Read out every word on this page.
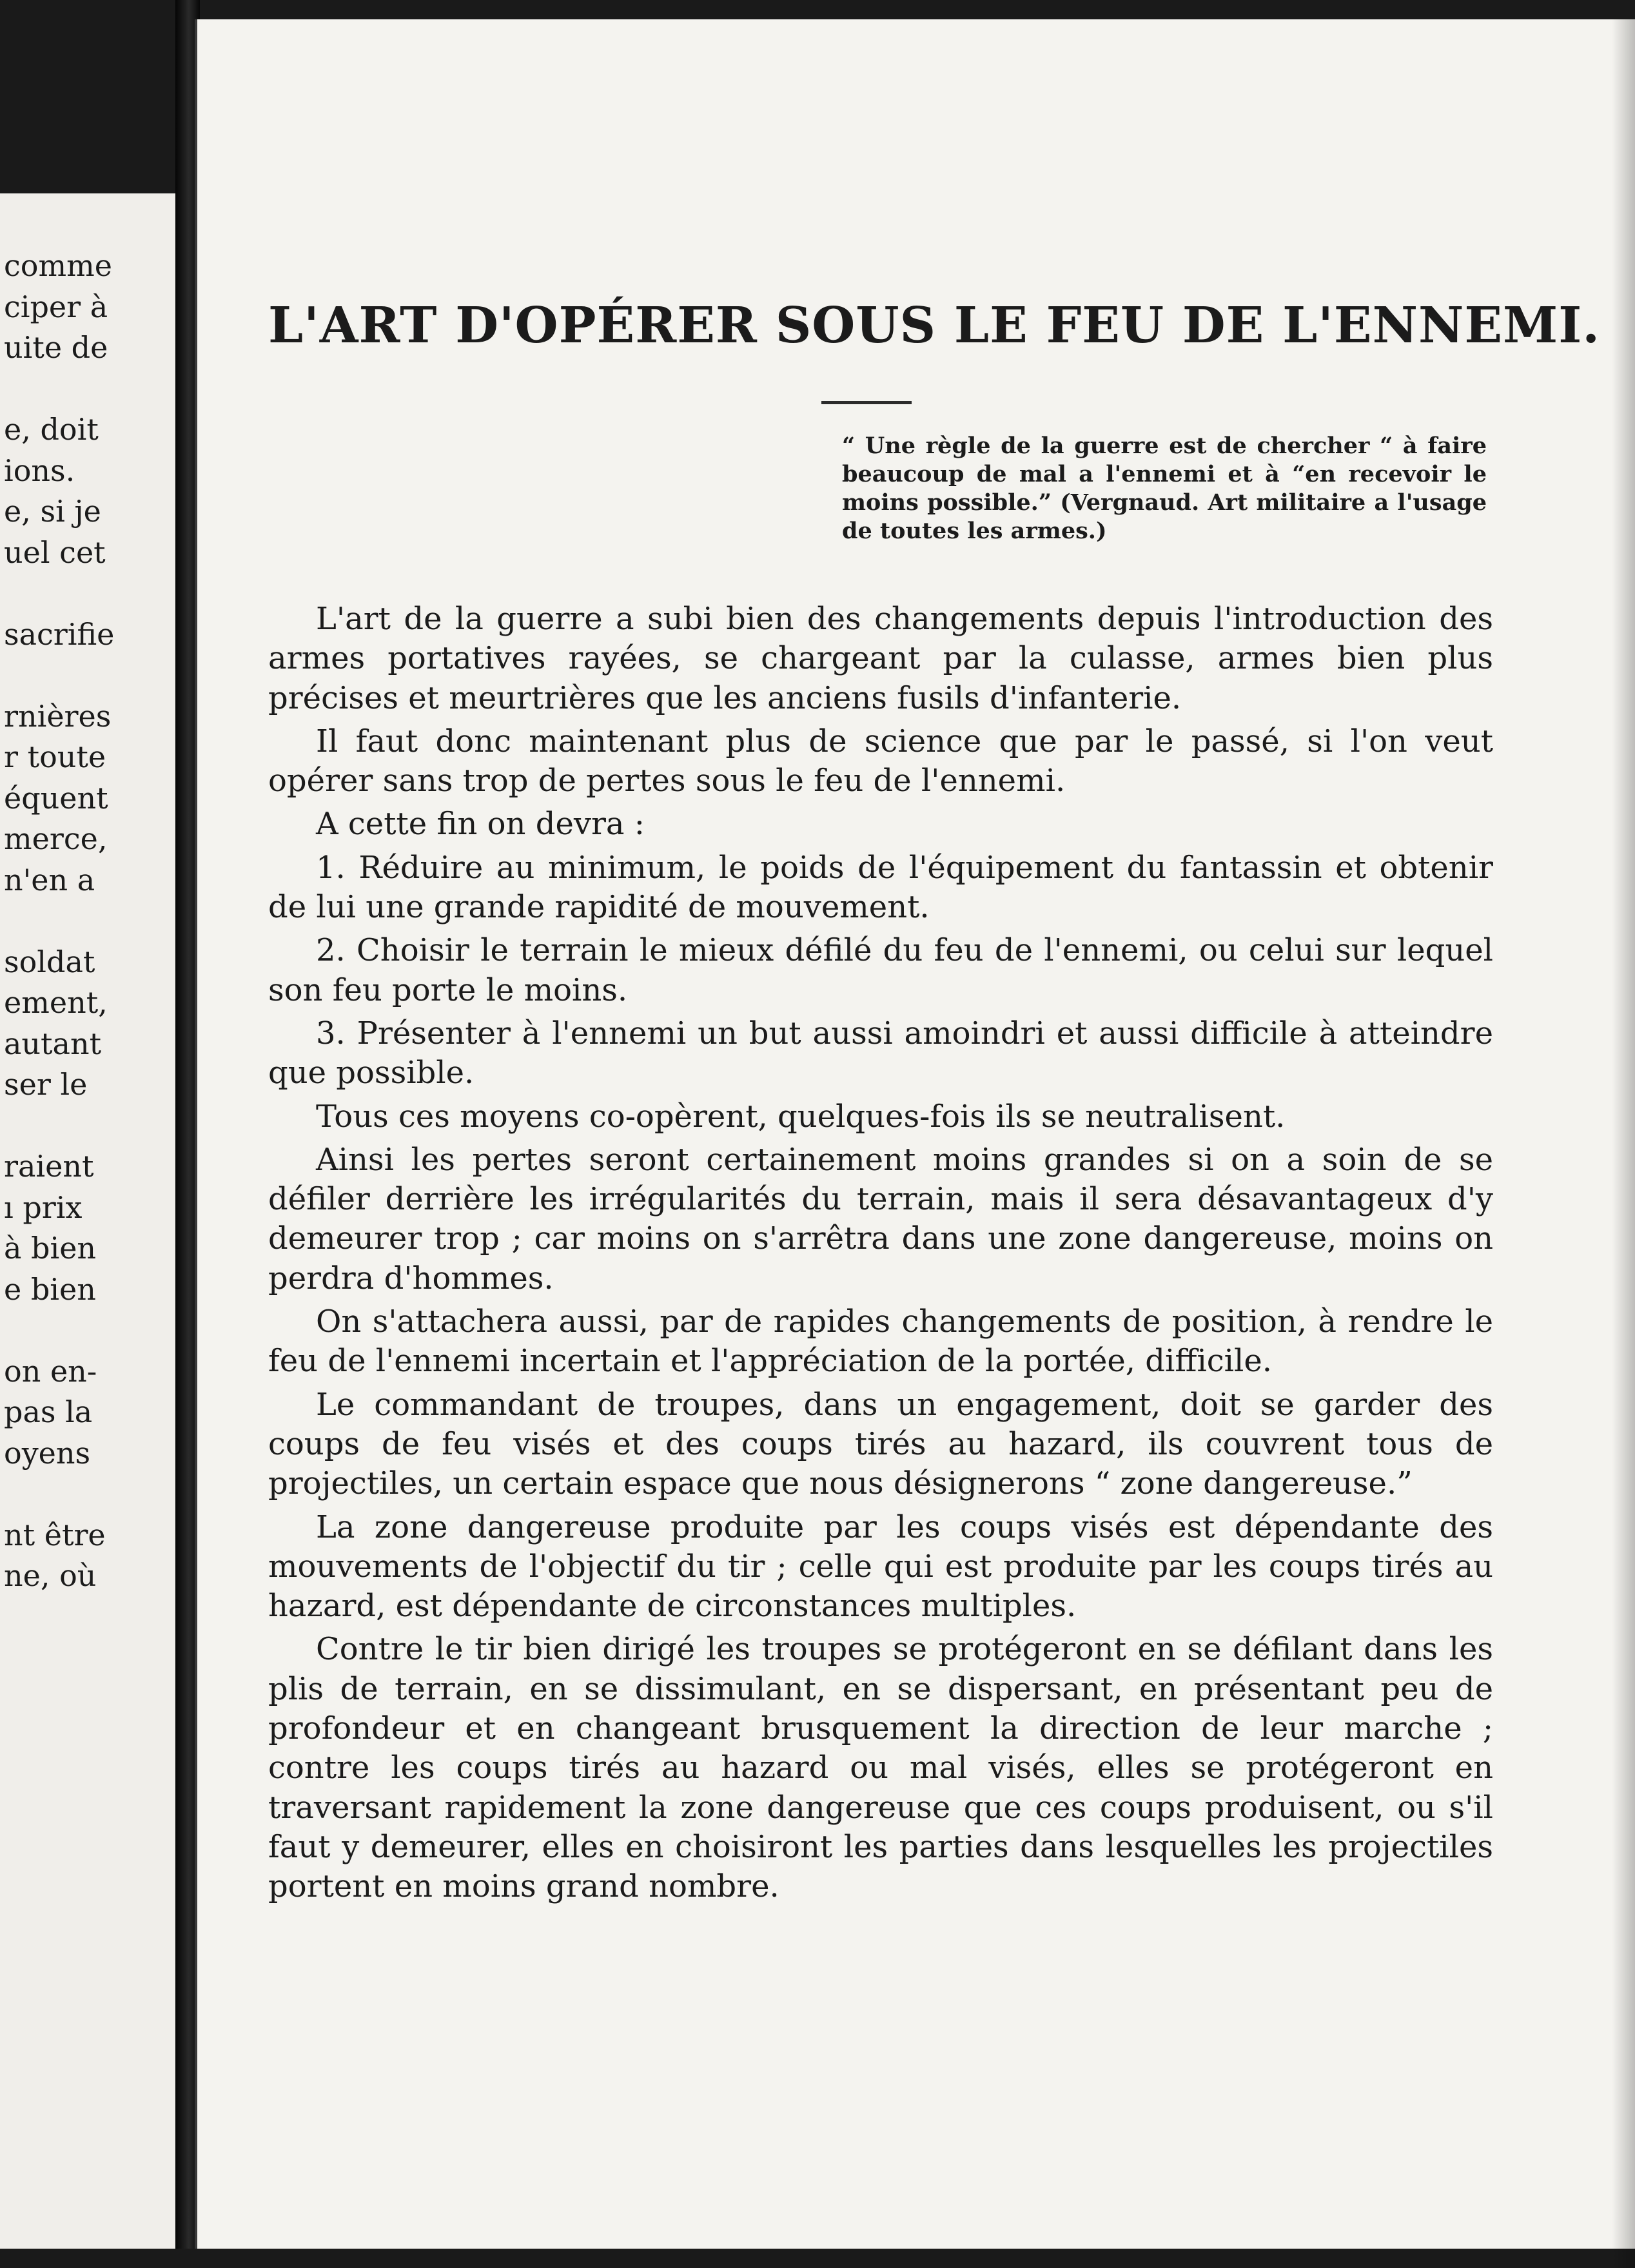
comme
ciper à
uite de
e, doit
ions.
e, si je
uel cet
sacrifie
rnières
r toute
équent
merce,
n'en a
soldat
ement,
autant
ser le
raient
ı prix
à bien
e bien
on en-
pas la
oyens
nt être
ne, où
L'ART D'OPÉRER SOUS LE FEU DE L'ENNEMI.

“ Une règle de la guerre est de chercher “ à faire beaucoup de mal a l'ennemi et à “en recevoir le moins possible.” (Vergnaud. Art militaire a l'usage de toutes les armes.)

L'art de la guerre a subi bien des changements depuis l'introduction des armes portatives rayées, se chargeant par la culasse, armes bien plus précises et meurtrières que les anciens fusils d'infanterie.

Il faut donc maintenant plus de science que par le passé, si l'on veut opérer sans trop de pertes sous le feu de l'ennemi.

A cette fin on devra :

1. Réduire au minimum, le poids de l'équipement du fantassin et obtenir de lui une grande rapidité de mouvement.

2. Choisir le terrain le mieux défilé du feu de l'ennemi, ou celui sur lequel son feu porte le moins.

3. Présenter à l'ennemi un but aussi amoindri et aussi difficile à atteindre que possible.

Tous ces moyens co-opèrent, quelques-fois ils se neutralisent.

Ainsi les pertes seront certainement moins grandes si on a soin de se défiler derrière les irrégularités du terrain, mais il sera désavantageux d'y demeurer trop ; car moins on s'arrêtra dans une zone dangereuse, moins on perdra d'hommes.

On s'attachera aussi, par de rapides changements de position, à rendre le feu de l'ennemi incertain et l'appréciation de la portée, difficile.

Le commandant de troupes, dans un engagement, doit se garder des coups de feu visés et des coups tirés au hazard, ils couvrent tous de projectiles, un certain espace que nous désignerons “ zone dangereuse.”

La zone dangereuse produite par les coups visés est dépendante des mouvements de l'objectif du tir ; celle qui est produite par les coups tirés au hazard, est dépendante de circonstances multiples.

Contre le tir bien dirigé les troupes se protégeront en se défilant dans les plis de terrain, en se dissimulant, en se dispersant, en présentant peu de profondeur et en changeant brusquement la direction de leur marche ; contre les coups tirés au hazard ou mal visés, elles se protégeront en traversant rapidement la zone dangereuse que ces coups produisent, ou s'il faut y demeurer, elles en choisiront les parties dans lesquelles les projectiles portent en moins grand nombre.
